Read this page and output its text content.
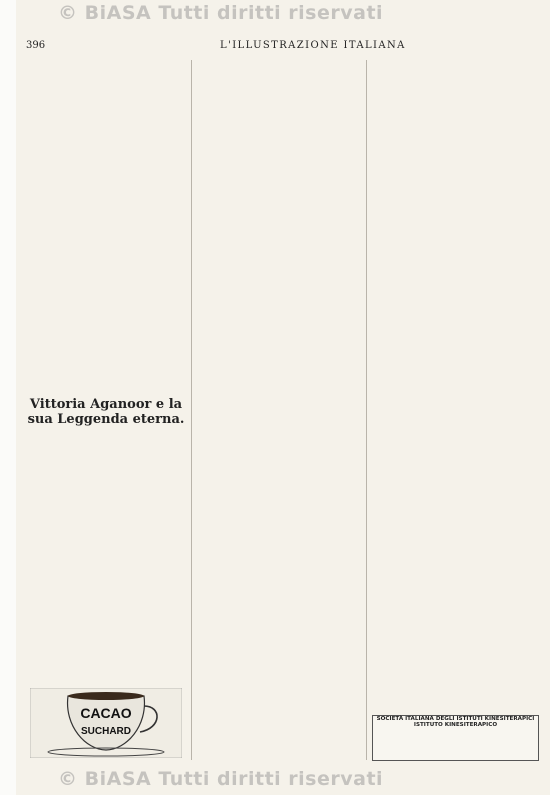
© BiASA Tutti diritti riservati
396	L'ILLUSTRAZIONE ITALIANA
Vittoria Aganoor e la sua Leggenda eterna.
CACAO
SUCHARD
SOCIETÀ ITALIANA DEGLI ISTITUTI KINESITERAPICI
ISTITUTO KINESITERAPICO
© BiASA Tutti diritti riservati
